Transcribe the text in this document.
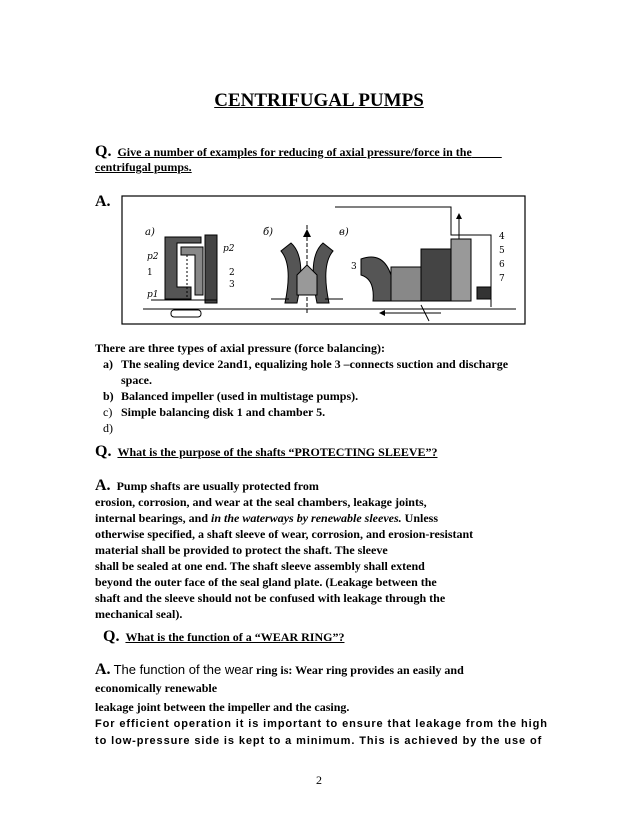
CENTRIFUGAL PUMPS
Q. Give a number of examples for reducing of axial pressure/force in the
centrifugal pumps.
A.
a)	б)	в)
p2
p2
1	2
3
p1
3
4
5
6
7
There are three types of axial pressure (force balancing):
a) The sealing device 2and1, equalizing hole 3 –connects suction and discharge
space.
b) Balanced impeller (used in multistage pumps).
c) Simple balancing disk 1 and chamber 5.
d)
Q. What is the purpose of the shafts “PROTECTING SLEEVE”?
A. Pump shafts are usually protected from

erosion, corrosion, and wear at the seal chambers, leakage joints,

internal bearings, and in the waterways by renewable sleeves. Unless

otherwise specified, a shaft sleeve of wear, corrosion, and erosion-resistant

material shall be provided to protect the shaft. The sleeve

shall be sealed at one end. The shaft sleeve assembly shall extend

beyond the outer face of the seal gland plate. (Leakage between the

shaft and the sleeve should not be confused with leakage through the

mechanical seal).

Q. What is the function of a “WEAR RING”?
A. The function of the wear ring is: Wear ring provides an easily and
economically renewable
leakage joint between the impeller and the casing.
For efficient operation it is important to ensure that leakage from the high
to low-pressure side is kept to a minimum. This is achieved by the use of
2
